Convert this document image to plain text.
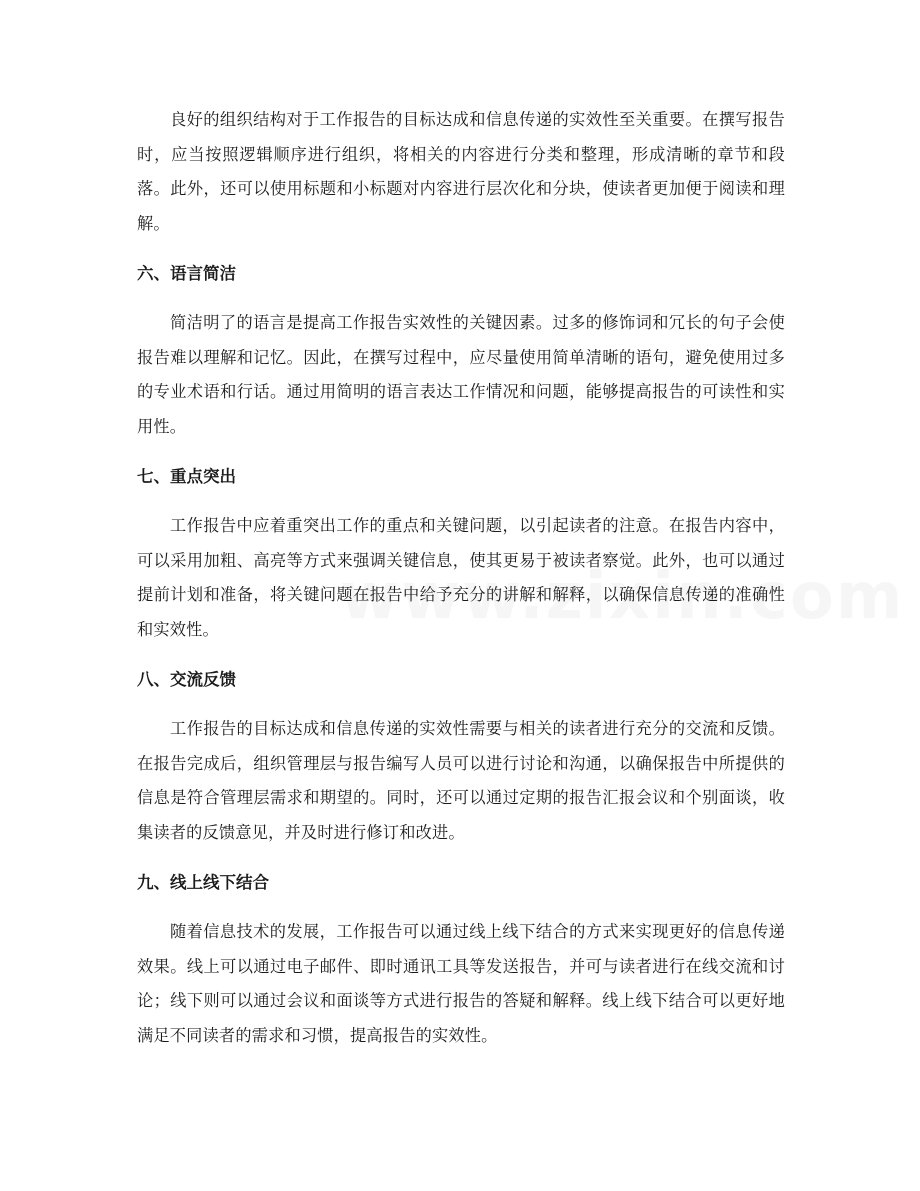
良好的组织结构对于工作报告的目标达成和信息传递的实效性至关重要。在撰写报告时，应当按照逻辑顺序进行组织，将相关的内容进行分类和整理，形成清晰的章节和段落。此外，还可以使用标题和小标题对内容进行层次化和分块，使读者更加便于阅读和理解。

六、语言简洁

简洁明了的语言是提高工作报告实效性的关键因素。过多的修饰词和冗长的句子会使报告难以理解和记忆。因此，在撰写过程中，应尽量使用简单清晰的语句，避免使用过多的专业术语和行话。通过用简明的语言表达工作情况和问题，能够提高报告的可读性和实用性。

七、重点突出

工作报告中应着重突出工作的重点和关键问题，以引起读者的注意。在报告内容中，可以采用加粗、高亮等方式来强调关键信息，使其更易于被读者察觉。此外，也可以通过提前计划和准备，将关键问题在报告中给予充分的讲解和解释，以确保信息传递的准确性和实效性。

八、交流反馈

工作报告的目标达成和信息传递的实效性需要与相关的读者进行充分的交流和反馈。在报告完成后，组织管理层与报告编写人员可以进行讨论和沟通，以确保报告中所提供的信息是符合管理层需求和期望的。同时，还可以通过定期的报告汇报会议和个别面谈，收集读者的反馈意见，并及时进行修订和改进。

九、线上线下结合

随着信息技术的发展，工作报告可以通过线上线下结合的方式来实现更好的信息传递效果。线上可以通过电子邮件、即时通讯工具等发送报告，并可与读者进行在线交流和讨论；线下则可以通过会议和面谈等方式进行报告的答疑和解释。线上线下结合可以更好地满足不同读者的需求和习惯，提高报告的实效性。
